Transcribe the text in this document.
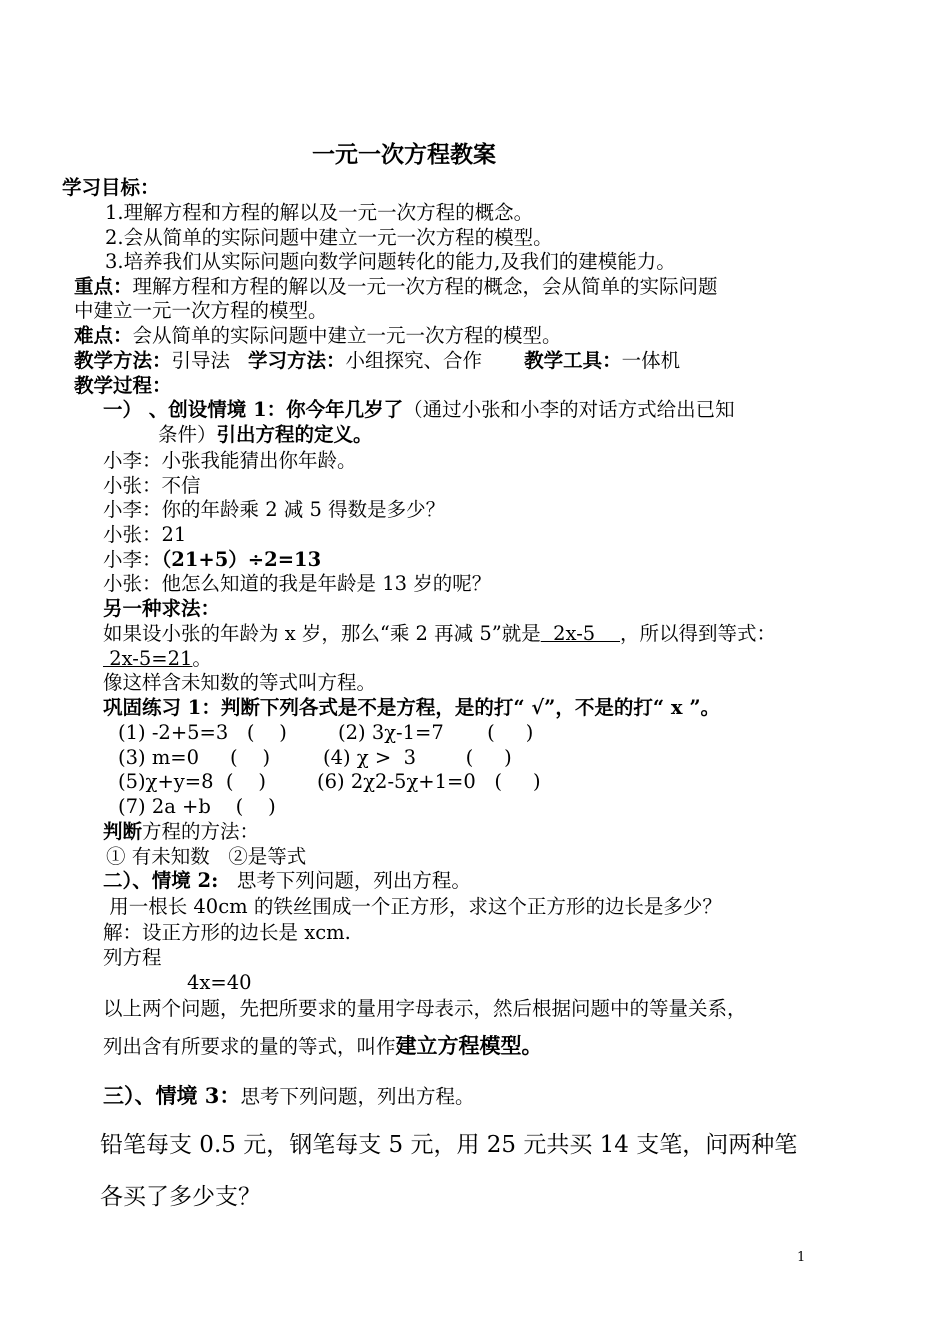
一元一次方程教案
学习目标：
1.理解方程和方程的解以及一元一次方程的概念。
2.会从简单的实际问题中建立一元一次方程的模型。
3.培养我们从实际问题向数学问题转化的能力,及我们的建模能力。
重点：理解方程和方程的解以及一元一次方程的概念，会从简单的实际问题
中建立一元一次方程的模型。
难点：会从简单的实际问题中建立一元一次方程的模型。
教学方法：引导法 学习方法：小组探究、合作 教学工具：一体机
教学过程：
一） 、创设情境 1：你今年几岁了（通过小张和小李的对话方式给出已知
条件）引出方程的定义。
小李：小张我能猜出你年龄。
小张：不信
小李：你的年龄乘 2 减 5 得数是多少？
小张：21
小李：（21+5）÷2=13
小张：他怎么知道的我是年龄是 13 岁的呢？
另一种求法：
如果设小张的年龄为 x 岁，那么“乘 2 再减 5”就是  2x-5    ，所以得到等式：
2x-5=21。
像这样含未知数的等式叫方程。
巩固练习 1：判断下列各式是不是方程，是的打“ √”，不是的打“ x ”。
(1) -2+5=3   (    )	(2) 3χ-1=7       (     )
(3) m=0     (    )	(4) χ >  3        (     )
(5)χ+y=8  (    )	(6) 2χ2-5χ+1=0   (     )
(7) 2a +b    (    )
判断方程的方法：
① 有未知数   ②是等式
二）、情境 2:   思考下列问题，列出方程。
用一根长 40cm 的铁丝围成一个正方形，求这个正方形的边长是多少？
解：设正方形的边长是 xcm.
列方程
4x=40
以上两个问题，先把所要求的量用字母表示，然后根据问题中的等量关系，
列出含有所要求的量的等式，叫作建立方程模型。
三）、情境 3：思考下列问题，列出方程。
铅笔每支 0.5 元，钢笔每支 5 元，用 25 元共买 14 支笔，问两种笔
各买了多少支？
1
